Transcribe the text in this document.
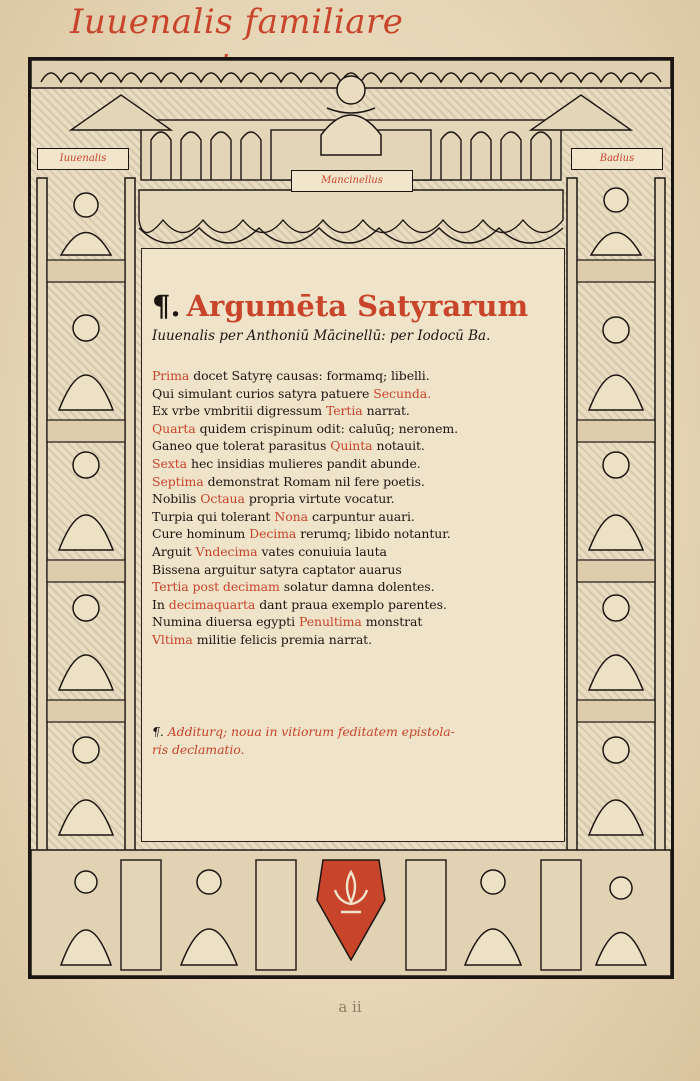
Iuuenalis familiare
Iuuenalis
Mancinellus
Badius
¶. Argumēta Satyrarum
Iuuenalis per Anthoniū Mācinellū: per Iodocū Ba.
Prima docet Satyrę causas: formamq; libelli.
Qui simulant curios satyra patuere Secunda.
Ex vrbe vmbritii digressum Tertia narrat.
Quarta quidem crispinum odit: caluūq; neronem.
Ganeo que tolerat parasitus Quinta notauit.
Sexta hec insidias mulieres pandit abunde.
Septima demonstrat Romam nil fere poetis.
Nobilis Octaua propria virtute vocatur.
Turpia qui tolerant Nona carpuntur auari.
Cure hominum Decima rerumq; libido notantur.
Arguit Vndecima vates conuiuia lauta
Bissena arguitur satyra captator auarus
Tertia post decimam solatur damna dolentes.
In decimaquarta dant praua exemplo parentes.
Numina diuersa egypti Penultima monstrat
Vltima militie felicis premia narrat.
¶. Additurq; noua in vitiorum feditatem epistola-
ris declamatio.
a ii
